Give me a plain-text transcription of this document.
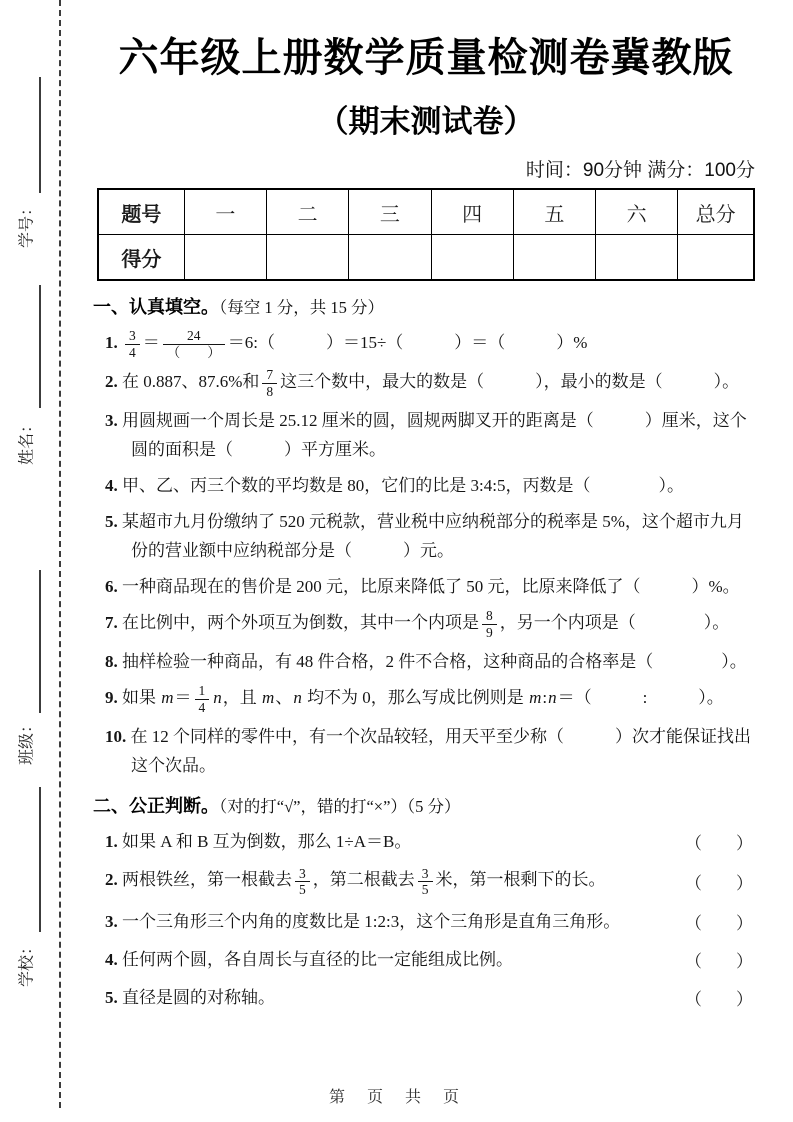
学号：
姓名：
班级：
学校：
六年级上册数学质量检测卷冀教版
（期末测试卷）
时间：90分钟 满分：100分
题号	一	二	三	四	五	六	总分
得分							
一、认真填空。（每空 1 分，共 15 分）
1. $\frac{3}{4} = \frac{24}{( )}$ ＝6:（　　　）＝15÷（　　　）＝（　　　）%
2. 在 0.887、87.6%和 $\frac{7}{8}$ 这三个数中，最大的数是（　　　），最小的数是（　　　）。
3. 用圆规画一个周长是 25.12 厘米的圆，圆规两脚叉开的距离是（　　　）厘米，这个圆的面积是（　　　）平方厘米。
4. 甲、乙、丙三个数的平均数是 80，它们的比是 3:4:5，丙数是（　　　　）。
5. 某超市九月份缴纳了 520 元税款，营业税中应纳税部分的税率是 5%，这个超市九月份的营业额中应纳税部分是（　　　）元。
6. 一种商品现在的售价是 200 元，比原来降低了 50 元，比原来降低了（　　　）%。
7. 在比例中，两个外项互为倒数，其中一个内项是 $\frac{8}{9}$ ，另一个内项是（　　　　）。
8. 抽样检验一种商品，有 48 件合格，2 件不合格，这种商品的合格率是（　　　　）。
9. 如果 $m= \frac{1}{4}$ n，且 m、n 均不为 0，那么写成比例则是 m:n＝（　　　:　　　）。
10. 在 12 个同样的零件中，有一个次品较轻，用天平至少称（　　　）次才能保证找出这个次品。
二、公正判断。（对的打“√”，错的打“×”）（5 分）
1. 如果 A 和 B 互为倒数，那么 1÷A＝B。	（　　）
2. 两根铁丝，第一根截去 $\frac{3}{5}$ ，第二根截去 $\frac{3}{5}$ 米，第一根剩下的长。	（　　）
3. 一个三角形三个内角的度数比是 1:2:3，这个三角形是直角三角形。	（　　）
4. 任何两个圆，各自周长与直径的比一定能组成比例。	（　　）
5. 直径是圆的对称轴。	（　　）
第 页 共 页
